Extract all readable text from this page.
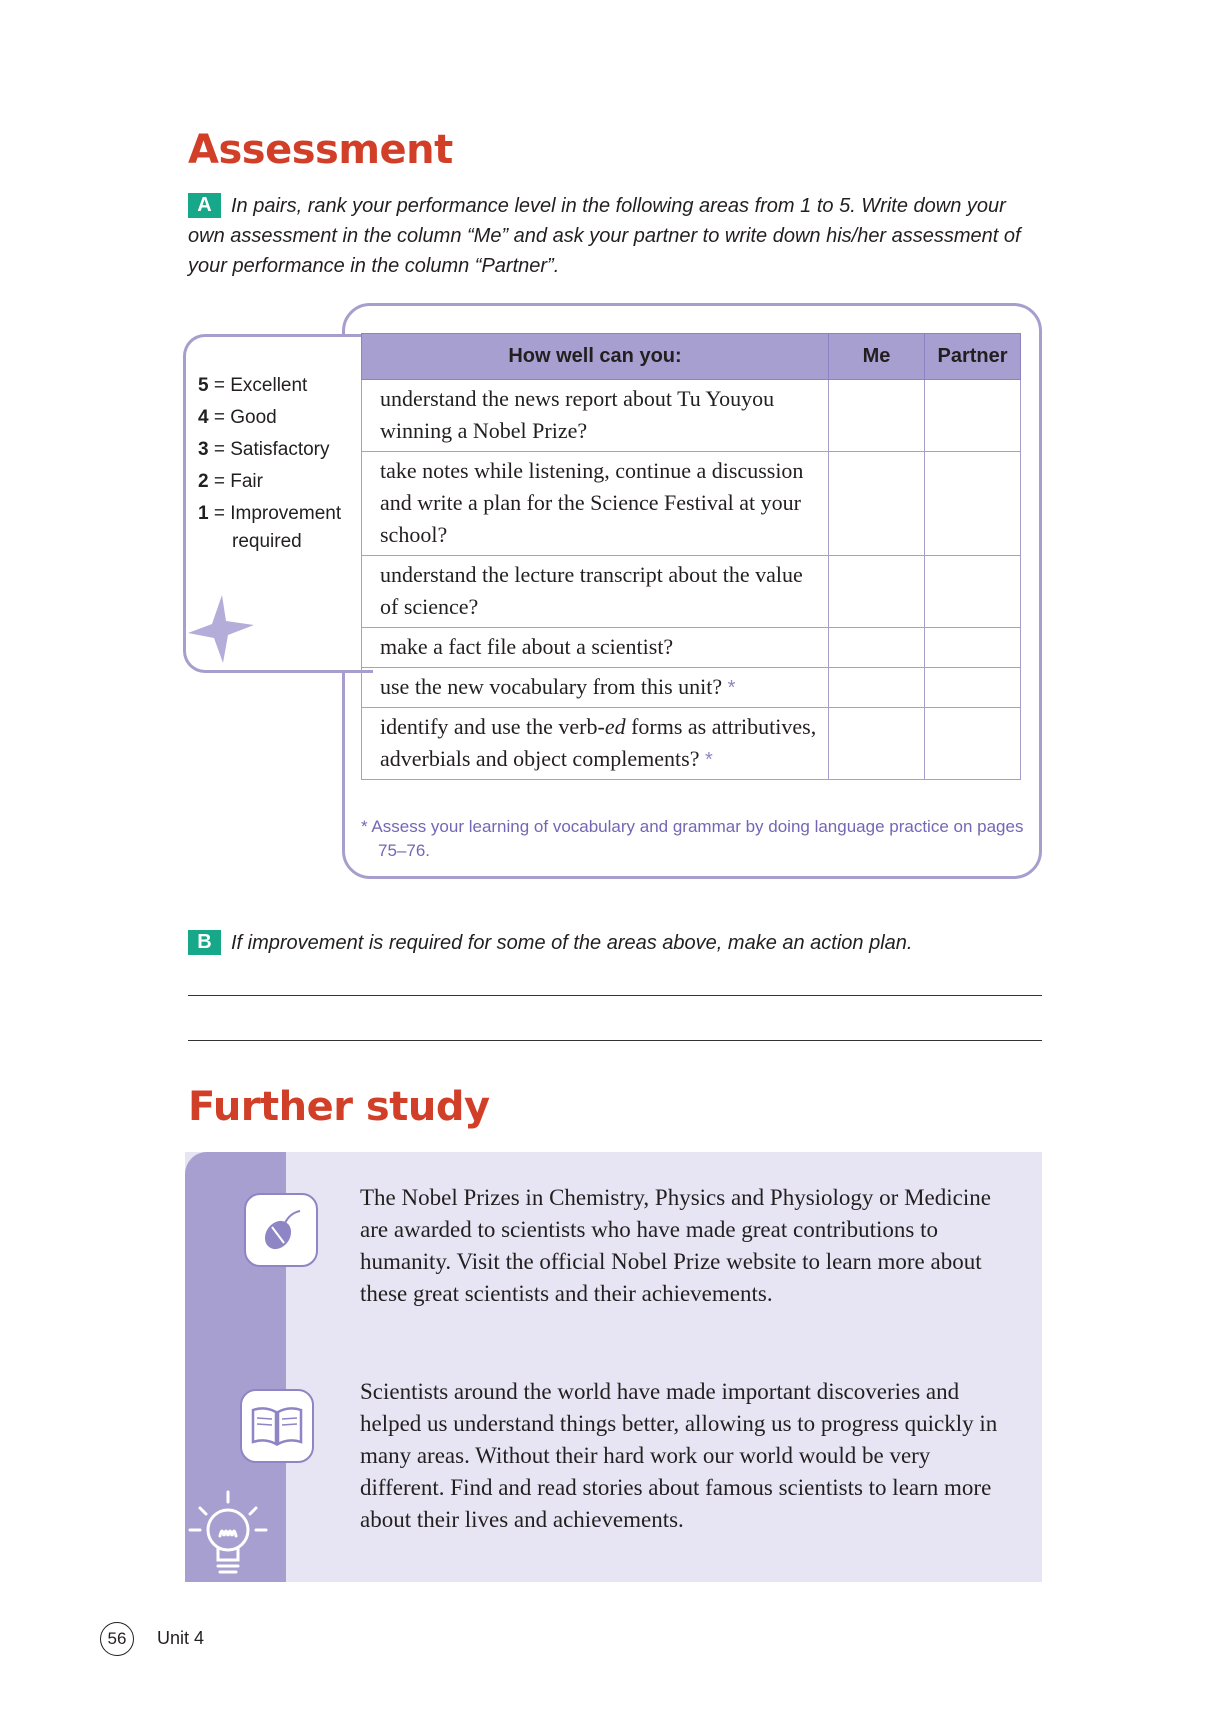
Assessment
A In pairs, rank your performance level in the following areas from 1 to 5. Write down your own assessment in the column “Me” and ask your partner to write down his/her assessment of your performance in the column “Partner”.
5 = Excellent
4 = Good
3 = Satisfactory
2 = Fair
1 = Improvement
required
How well can you:	Me	Partner
understand the news report about Tu Youyou winning a Nobel Prize?		
take notes while listening, continue a discussion and write a plan for the Science Festival at your school?		
understand the lecture transcript about the value of science?		
make a fact file about a scientist?		
use the new vocabulary from this unit? *		
identify and use the verb-ed forms as attributives, adverbials and object complements? *		
* Assess your learning of vocabulary and grammar by doing language practice on pages 75–76.
B If improvement is required for some of the areas above, make an action plan.
Further study

The Nobel Prizes in Chemistry, Physics and Physiology or Medicine are awarded to scientists who have made great contributions to humanity. Visit the official Nobel Prize website to learn more about these great scientists and their achievements.

Scientists around the world have made important discoveries and helped us understand things better, allowing us to progress quickly in many areas. Without their hard work our world would be very different. Find and read stories about famous scientists to learn more about their lives and achievements.

56	Unit 4
